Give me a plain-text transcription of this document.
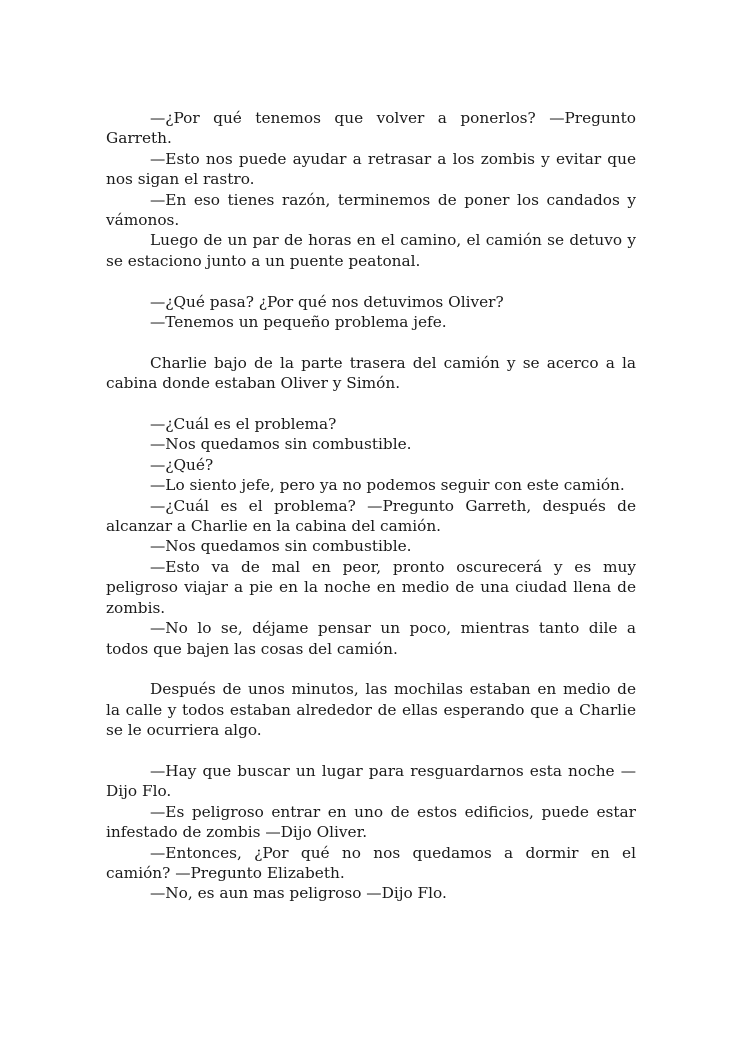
—¿Por qué tenemos que volver a ponerlos? —Pregunto Garreth.

—Esto nos puede ayudar a retrasar a los zombis y evitar que nos sigan el rastro.

—En eso tienes razón, terminemos de poner los candados y vámonos.

Luego de un par de horas en el camino, el camión se detuvo y se estaciono junto a un puente peatonal.

—¿Qué pasa? ¿Por qué nos detuvimos Oliver?

—Tenemos un pequeño problema jefe.

Charlie bajo de la parte trasera del camión y se acerco a la cabina donde estaban Oliver y Simón.

—¿Cuál es el problema?

—Nos quedamos sin combustible.

—¿Qué?

—Lo siento jefe, pero ya no podemos seguir con este camión.

—¿Cuál es el problema? —Pregunto Garreth, después de alcanzar a Charlie en la cabina del camión.

—Nos quedamos sin combustible.

—Esto va de mal en peor, pronto oscurecerá y es muy peligroso viajar a pie en la noche en medio de una ciudad llena de zombis.

—No lo se, déjame pensar un poco, mientras tanto dile a todos que bajen las cosas del camión.

Después de unos minutos, las mochilas estaban en medio de la calle y todos estaban alrededor de ellas esperando que a Charlie se le ocurriera algo.

—Hay que buscar un lugar para resguardarnos esta noche —Dijo Flo.

—Es peligroso entrar en uno de estos edificios, puede estar infestado de zombis —Dijo Oliver.

—Entonces, ¿Por qué no nos quedamos a dormir en el camión? —Pregunto Elizabeth.

—No, es aun mas peligroso —Dijo Flo.
